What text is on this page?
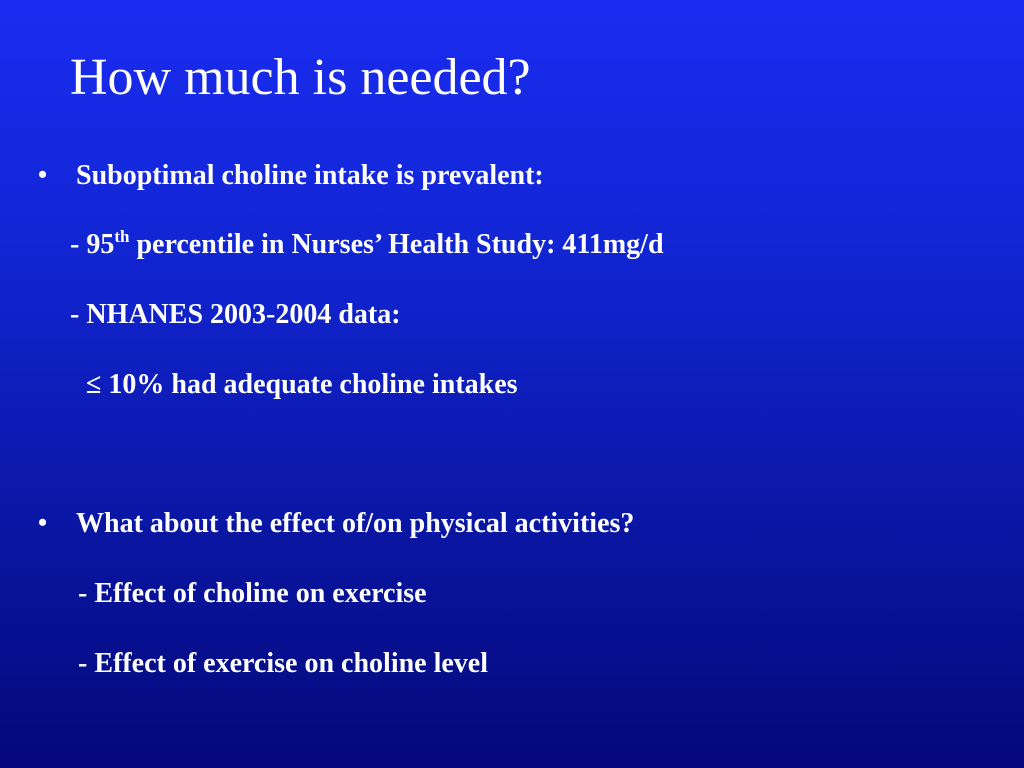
How much is needed?
• Suboptimal choline intake is prevalent:
- 95th percentile in Nurses’ Health Study: 411mg/d
- NHANES 2003-2004 data:
≤ 10% had adequate choline intakes
• What about the effect of/on physical activities?
- Effect of choline on exercise
- Effect of exercise on choline level
